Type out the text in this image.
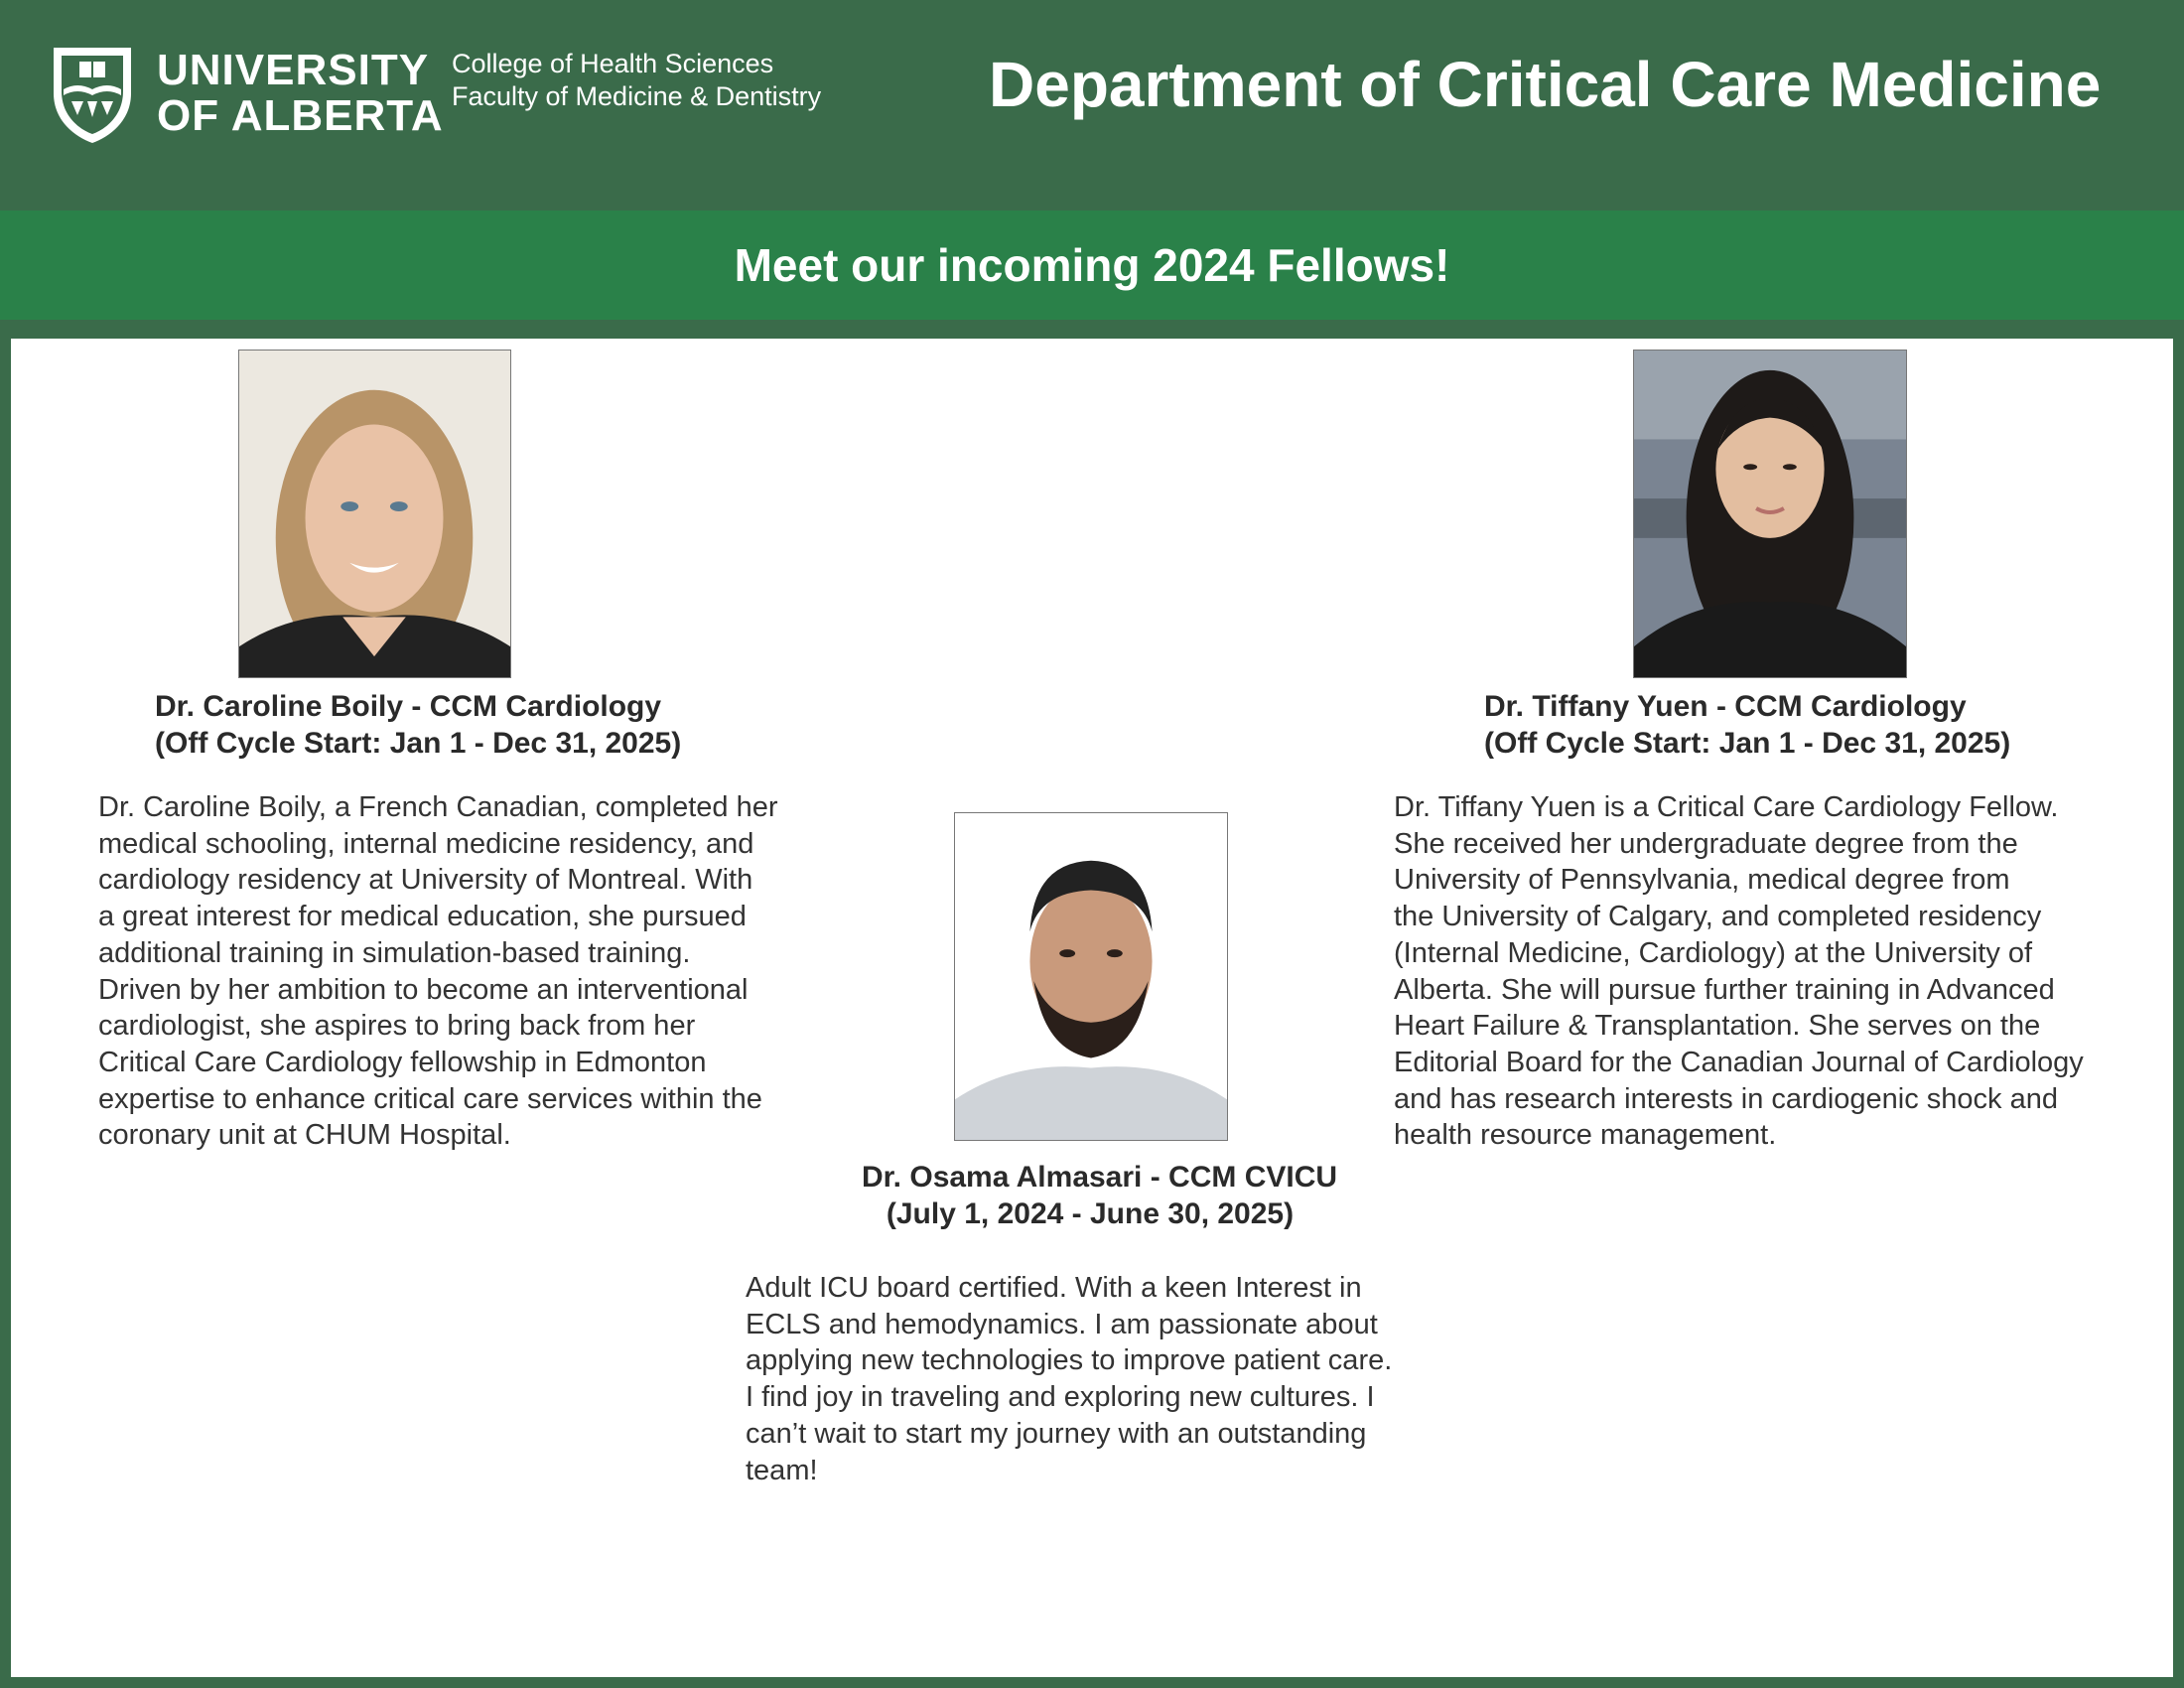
UNIVERSITY
OF ALBERTA
College of Health Sciences
Faculty of Medicine & Dentistry	Department of Critical Care Medicine
Meet our incoming 2024 Fellows!
Dr. Caroline Boily - CCM Cardiology
(Off Cycle Start: Jan 1 - Dec 31, 2025)
Dr. Caroline Boily, a French Canadian, completed her
medical schooling, internal medicine residency, and
cardiology residency at University of Montreal. With
a great interest for medical education, she pursued
additional training in simulation-based training.
Driven by her ambition to become an interventional
cardiologist, she aspires to bring back from her
Critical Care Cardiology fellowship in Edmonton
expertise to enhance critical care services within the
coronary unit at CHUM Hospital.
Dr. Osama Almasari - CCM CVICU
(July 1, 2024 - June 30, 2025)
Adult ICU board certified. With a keen Interest in
ECLS and hemodynamics. I am passionate about
applying new technologies to improve patient care.
I find joy in traveling and exploring new cultures. I
can’t wait to start my journey with an outstanding
team!
Dr. Tiffany Yuen - CCM Cardiology
(Off Cycle Start: Jan 1 - Dec 31, 2025)
Dr. Tiffany Yuen is a Critical Care Cardiology Fellow.
She received her undergraduate degree from the
University of Pennsylvania, medical degree from
the University of Calgary, and completed residency
(Internal Medicine, Cardiology) at the University of
Alberta. She will pursue further training in Advanced
Heart Failure & Transplantation. She serves on the
Editorial Board for the Canadian Journal of Cardiology
and has research interests in cardiogenic shock and
health resource management.
